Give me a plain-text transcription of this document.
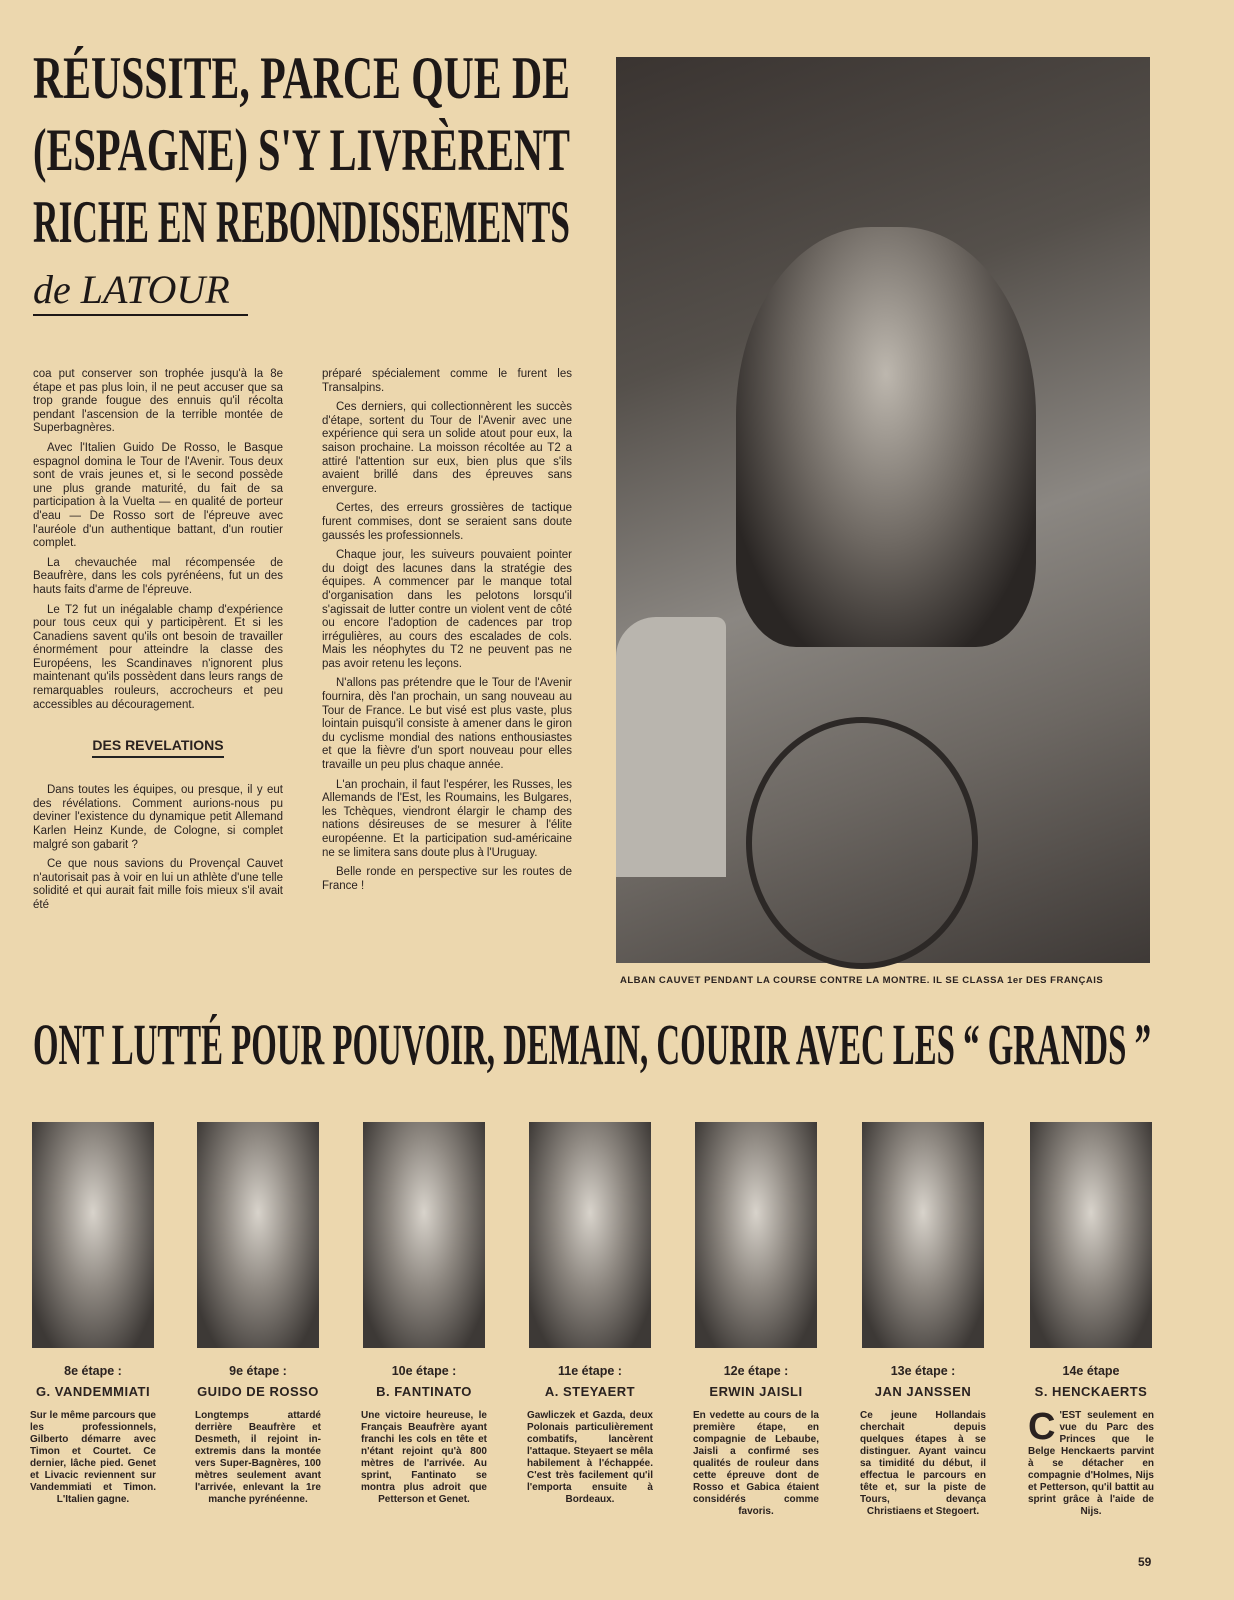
RÉUSSITE, PARCE QUE DE
(ESPAGNE) S'Y LIVRÈRENT
RICHE EN REBONDISSEMENTS
de LATOUR

coa put conserver son trophée jusqu'à la 8e étape et pas plus loin, il ne peut accuser que sa trop grande fougue des ennuis qu'il récolta pendant l'ascension de la terrible montée de Superbagnères.

Avec l'Italien Guido De Rosso, le Basque espagnol domina le Tour de l'Avenir. Tous deux sont de vrais jeunes et, si le second possède une plus grande maturité, du fait de sa participation à la Vuelta — en qualité de porteur d'eau — De Rosso sort de l'épreuve avec l'auréole d'un authentique battant, d'un routier complet.

La chevauchée mal récompensée de Beaufrère, dans les cols pyrénéens, fut un des hauts faits d'arme de l'épreuve.

Le T2 fut un inégalable champ d'expérience pour tous ceux qui y participèrent. Et si les Canadiens savent qu'ils ont besoin de travailler énormément pour atteindre la classe des Européens, les Scandinaves n'ignorent plus maintenant qu'ils possèdent dans leurs rangs de remarquables rouleurs, accrocheurs et peu accessibles au découragement.

DES REVELATIONS

Dans toutes les équipes, ou presque, il y eut des révélations. Comment aurions-nous pu deviner l'existence du dynamique petit Allemand Karlen Heinz Kunde, de Cologne, si complet malgré son gabarit ?

Ce que nous savions du Provençal Cauvet n'autorisait pas à voir en lui un athlète d'une telle solidité et qui aurait fait mille fois mieux s'il avait été

préparé spécialement comme le furent les Transalpins.

Ces derniers, qui collectionnèrent les succès d'étape, sortent du Tour de l'Avenir avec une expérience qui sera un solide atout pour eux, la saison prochaine. La moisson récoltée au T2 a attiré l'attention sur eux, bien plus que s'ils avaient brillé dans des épreuves sans envergure.

Certes, des erreurs grossières de tactique furent commises, dont se seraient sans doute gaussés les professionnels.

Chaque jour, les suiveurs pouvaient pointer du doigt des lacunes dans la stratégie des équipes. A commencer par le manque total d'organisation dans les pelotons lorsqu'il s'agissait de lutter contre un violent vent de côté ou encore l'adoption de cadences par trop irrégulières, au cours des escalades de cols. Mais les néophytes du T2 ne peuvent pas ne pas avoir retenu les leçons.

N'allons pas prétendre que le Tour de l'Avenir fournira, dès l'an prochain, un sang nouveau au Tour de France. Le but visé est plus vaste, plus lointain puisqu'il consiste à amener dans le giron du cyclisme mondial des nations enthousiastes et que la fièvre d'un sport nouveau pour elles travaille un peu plus chaque année.

L'an prochain, il faut l'espérer, les Russes, les Allemands de l'Est, les Roumains, les Bulgares, les Tchèques, viendront élargir le champ des nations désireuses de se mesurer à l'élite européenne. Et la participation sud-américaine ne se limitera sans doute plus à l'Uruguay.

Belle ronde en perspective sur les routes de France !

ALBAN CAUVET PENDANT LA COURSE CONTRE LA MONTRE. IL SE CLASSA 1er DES FRANÇAIS
ONT LUTTÉ POUR POUVOIR, DEMAIN, COURIR AVEC LES “ GRANDS ”
8e étape :
G. VANDEMMIATI
Sur le même parcours que les professionnels, Gilberto démarre avec Timon et Courtet. Ce dernier, lâche pied. Genet et Livacic reviennent sur Vandemmiati et Timon. L'Italien gagne.
9e étape :
GUIDO DE ROSSO
Longtemps attardé derrière Beaufrère et Desmeth, il rejoint in-extremis dans la montée vers Super-Bagnères, 100 mètres seulement avant l'arrivée, enlevant la 1re manche pyrénéenne.
10e étape :
B. FANTINATO
Une victoire heureuse, le Français Beaufrère ayant franchi les cols en tête et n'étant rejoint qu'à 800 mètres de l'arrivée. Au sprint, Fantinato se montra plus adroit que Petterson et Genet.
11e étape :
A. STEYAERT
Gawliczek et Gazda, deux Polonais particulièrement combatifs, lancèrent l'attaque. Steyaert se mêla habilement à l'échappée. C'est très facilement qu'il l'emporta ensuite à Bordeaux.
12e étape :
ERWIN JAISLI
En vedette au cours de la première étape, en compagnie de Lebaube, Jaisli a confirmé ses qualités de rouleur dans cette épreuve dont de Rosso et Gabica étaient considérés comme favoris.
13e étape :
JAN JANSSEN
Ce jeune Hollandais cherchait depuis quelques étapes à se distinguer. Ayant vaincu sa timidité du début, il effectua le parcours en tête et, sur la piste de Tours, devança Christiaens et Stegoert.
14e étape
S. HENCKAERTS
C 'EST seulement en vue du Parc des Princes que le Belge Henckaerts parvint à se détacher en compagnie d'Holmes, Nijs et Petterson, qu'il battit au sprint grâce à l'aide de Nijs.
59
